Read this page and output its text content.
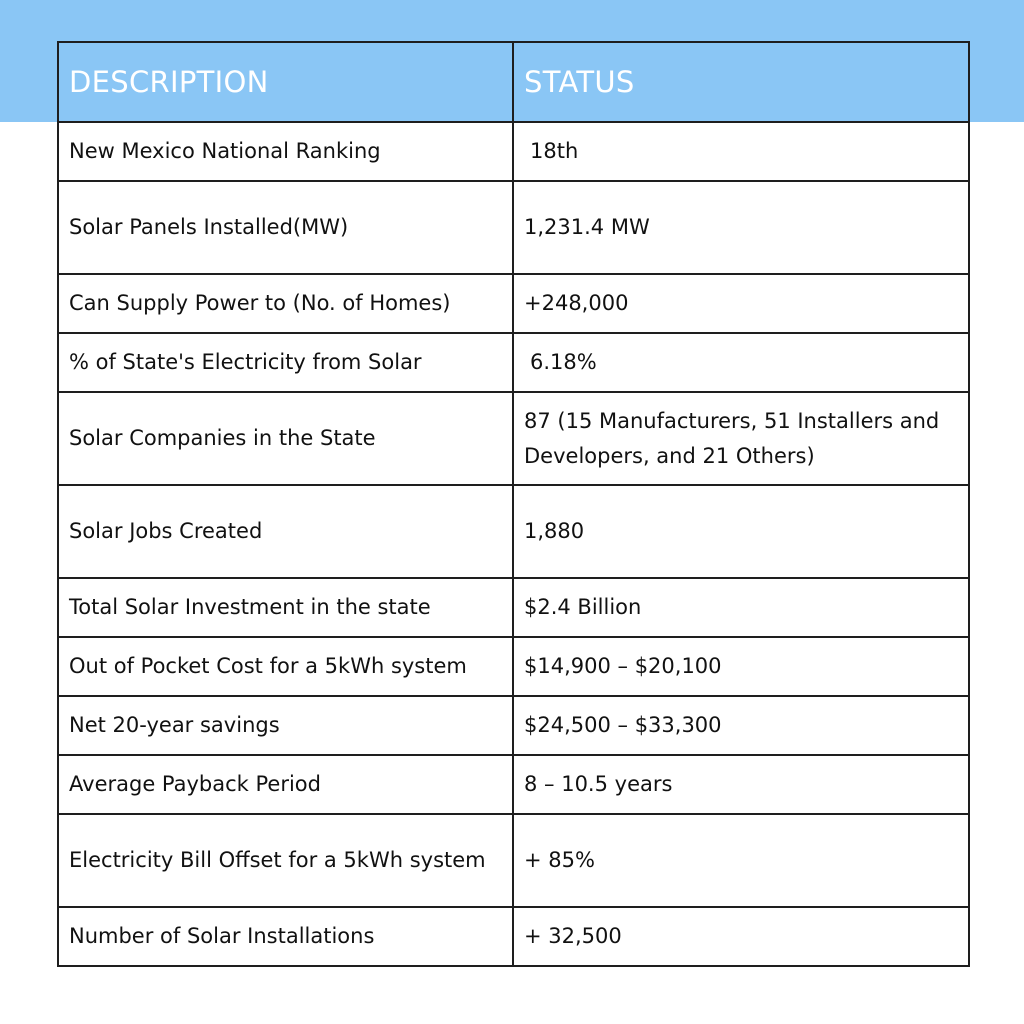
DESCRIPTION	STATUS
New Mexico National Ranking	18th
Solar Panels Installed(MW)	1,231.4 MW
Can Supply Power to (No. of Homes)	+248,000
% of State's Electricity from Solar	6.18%
Solar Companies in the State	87 (15 Manufacturers, 51 Installers and Developers, and 21 Others)
Solar Jobs Created	1,880
Total Solar Investment in the state	$2.4 Billion
Out of Pocket Cost for a 5kWh system	$14,900 – $20,100
Net 20-year savings	$24,500 – $33,300
Average Payback Period	8 – 10.5 years
Electricity Bill Offset for a 5kWh system	+ 85%
Number of Solar Installations	+ 32,500
